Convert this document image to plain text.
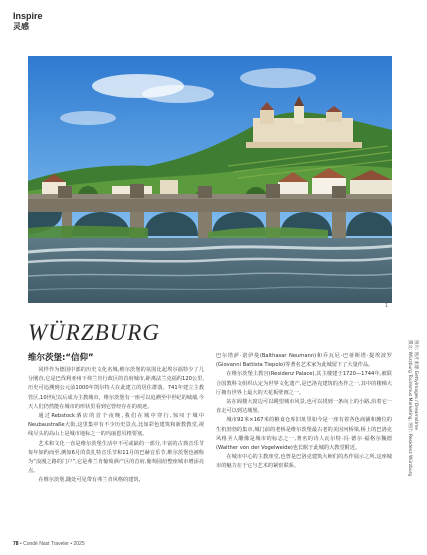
Inspire
灵感
1
WÜRZBURG
维尔茨堡:“信仰”

同样作为德国中部的历史文化名城,维尔茨堡的氛围比起埃尔福特少了几分刚直,它是巴伐利亚州下弗兰肯行政区的首府城市,距离法兰克福约120公里,历史可追溯到公元前1000年凯尔特人在此建立的居住群落。741年建立主教管区,10世纪以后成为主教城市。维尔茨堡有一座可以追溯至中世纪的城墙,今天人们仍然能在城市的形状里看到它曾经存在的痕迹。

通过Rebstock酒店的首个夜晚,我们在城中穿行,惊叹于城中Neubaustraße大街,这里集中有不少历史景点,比如彩色建筑和新教教堂,视线尽头的高山上是城市地标之一的玛丽恩贝格要塞。

艺术和文化一直是维尔茨堡生活中不可或缺的一部分,丰富的古典音乐节每年如约而至,例如6月的莫扎特音乐节和11月的巴赫音乐节,维尔茨堡也被称为“浪漫之路的门户”,它是弗兰肯葡萄酒产区的首府,葡萄园给整座城市增添亮点。

在维尔茨堡,随处可见带有弗兰肯风格的建筑,

巴尔塔萨·诺伊曼(Balthasar Neumann)和乔瓦尼·巴蒂斯塔·提埃波罗(Giovanni Battista Tiepolo)等著名艺术家为此城留下了大量作品。

在维尔茨堡主教宫(Residenz Palace),其主楼建于1720—1744年,被联合国教科文组织认定为世界文化遗产,是巴洛克建筑的杰作之一,其中的楼梯大厅拥有世界上最大的天花板壁画之一。

站在阁楼大窗边可以眺望城市风景,也可以找到一条向上的小路,沿着它一直走可以到达城堡。

城市92米×167米的粮食仓库旧址里如今是一座有着各色商铺和摊位的生机勃勃的集市,城门前的老桥是维尔茨堡最古老的美因河桥梁,桥上的巴洛克风格圣人雕像是城市的标志之一,著名的诗人瓦尔特·冯·德尔·福格尔魏德(Walther von der Vogelweide)也长眠于此城的大教堂附近。

在城市中心的主教座堂,也曾是巴洛克建筑大师们的杰作展示之所,这座城市的魅力在于它与艺术的紧密联系。

图片: 图片来源 Gettyimages / Dreamstime
撰文: Würzburg Tourismus Marketing, 图片: Residenz Würzburg
78 • Condé Nast Traveler • 2025
